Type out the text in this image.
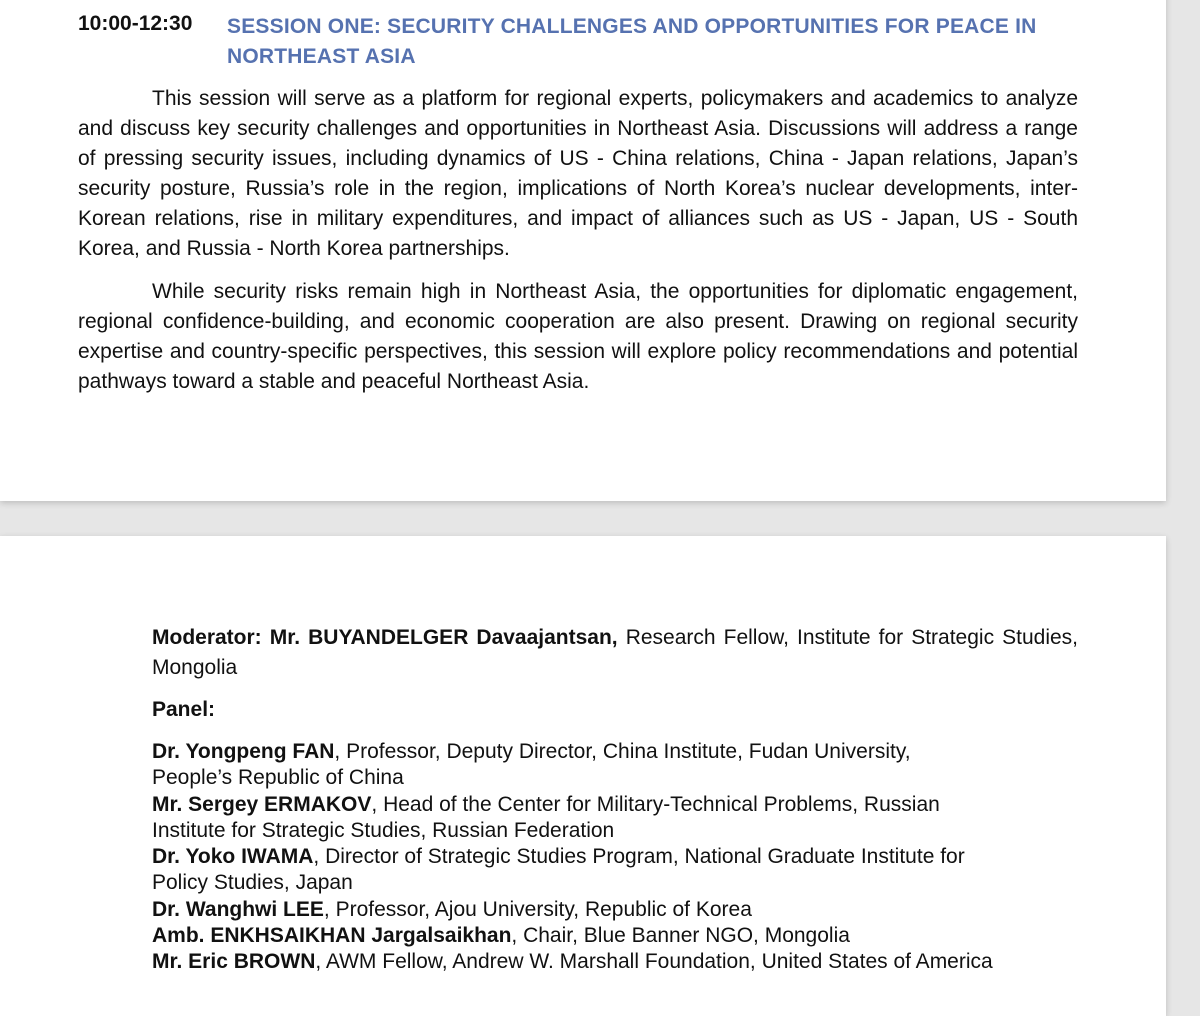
10:00-12:30 SESSION ONE: SECURITY CHALLENGES AND OPPORTUNITIES FOR PEACE IN NORTHEAST ASIA

This session will serve as a platform for regional experts, policymakers and academics to analyze and discuss key security challenges and opportunities in Northeast Asia. Discussions will address a range of pressing security issues, including dynamics of US - China relations, China - Japan relations, Japan’s security posture, Russia’s role in the region, implications of North Korea’s nuclear developments, inter-Korean relations, rise in military expenditures, and impact of alliances such as US - Japan, US - South Korea, and Russia - North Korea partnerships.

While security risks remain high in Northeast Asia, the opportunities for diplomatic engagement, regional confidence-building, and economic cooperation are also present. Drawing on regional security expertise and country-specific perspectives, this session will explore policy recommendations and potential pathways toward a stable and peaceful Northeast Asia.

Moderator: Mr. BUYANDELGER Davaajantsan, Research Fellow, Institute for Strategic Studies, Mongolia
Panel:
Dr. Yongpeng FAN, Professor, Deputy Director, China Institute, Fudan University,
People’s Republic of China
Mr. Sergey ERMAKOV, Head of the Center for Military-Technical Problems, Russian
Institute for Strategic Studies, Russian Federation
Dr. Yoko IWAMA, Director of Strategic Studies Program, National Graduate Institute for
Policy Studies, Japan
Dr. Wanghwi LEE, Professor, Ajou University, Republic of Korea
Amb. ENKHSAIKHAN Jargalsaikhan, Chair, Blue Banner NGO, Mongolia
Mr. Eric BROWN, AWM Fellow, Andrew W. Marshall Foundation, United States of America
